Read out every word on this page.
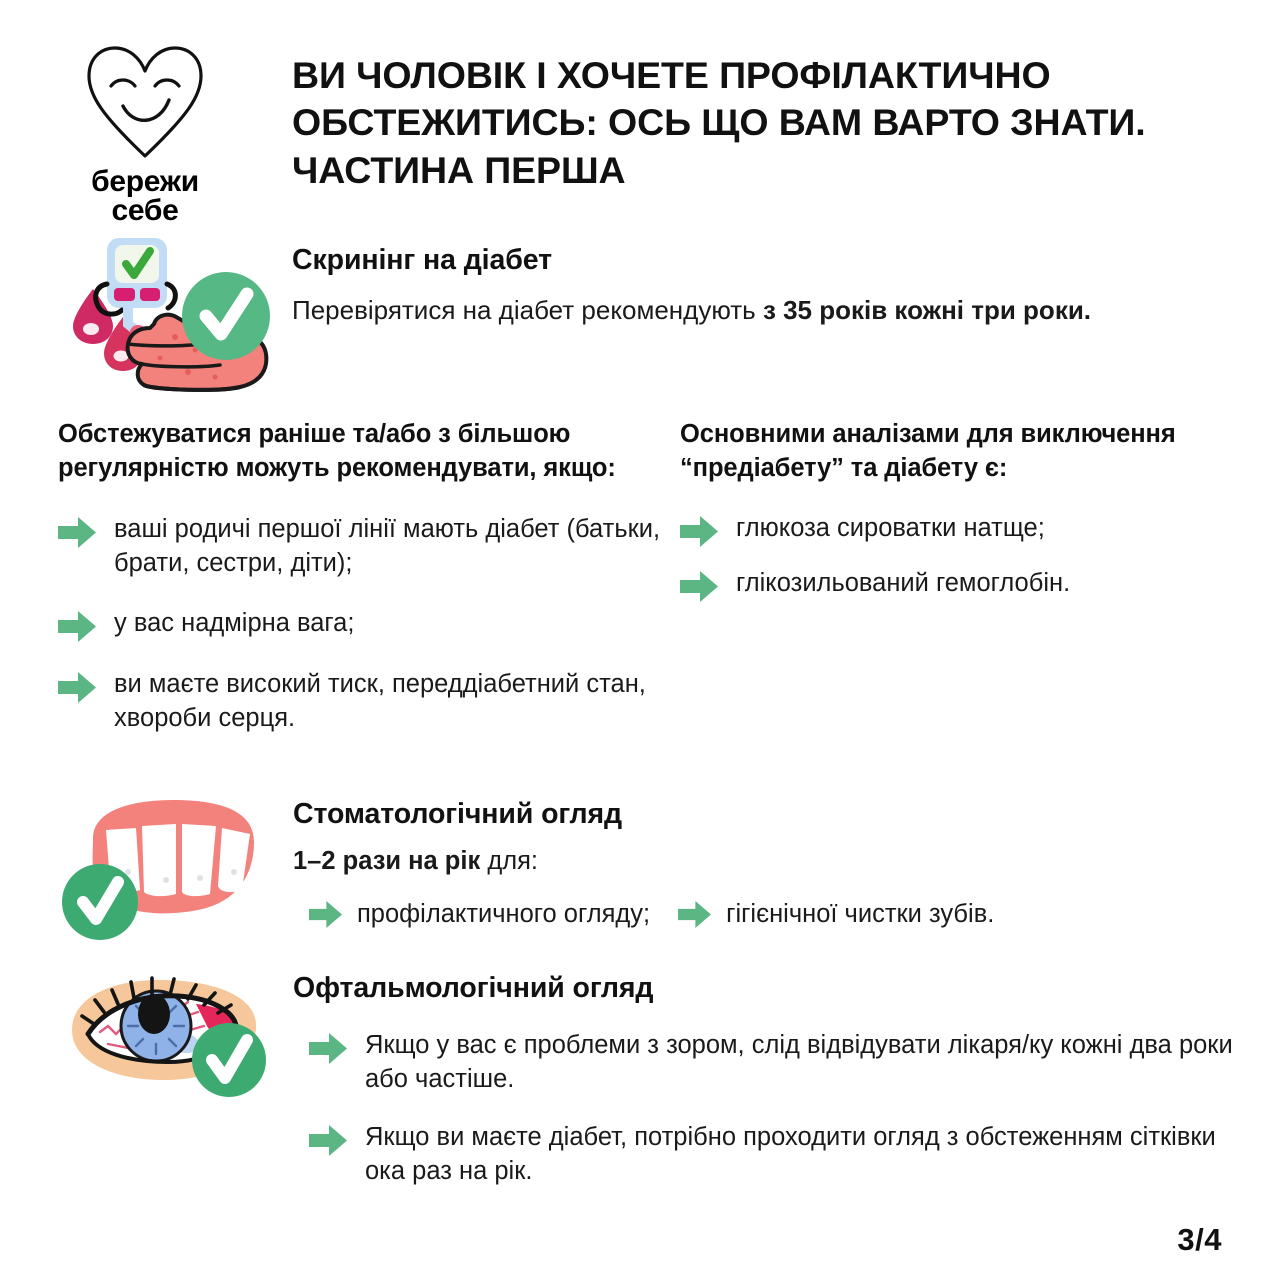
бережи
себе
ВИ ЧОЛОВІК І ХОЧЕТЕ ПРОФІЛАКТИЧНО ОБСТЕЖИТИСЬ: ОСЬ ЩО ВАМ ВАРТО ЗНАТИ. ЧАСТИНА ПЕРША
Скринінг на діабет
Перевірятися на діабет рекомендують з 35 років кожні три роки.
Обстежуватися раніше та/або з більшою регулярністю можуть рекомендувати, якщо:
ваші родичі першої лінії мають діабет (батьки, брати, сестри, діти);
у вас надмірна вага;
ви маєте високий тиск, переддіабетний стан, хвороби серця.
Основними аналізами для виключення “предіабету” та діабету є:
глюкоза сироватки натще;
глікозильований гемоглобін.
Стоматологічний огляд
1–2 рази на рік для:
профілактичного огляду;	гігієнічної чистки зубів.
Офтальмологічний огляд
Якщо у вас є проблеми з зором, слід відвідувати лікаря/ку кожні два роки або частіше.
Якщо ви маєте діабет, потрібно проходити огляд з обстеженням сітківки ока раз на рік.
3/4
